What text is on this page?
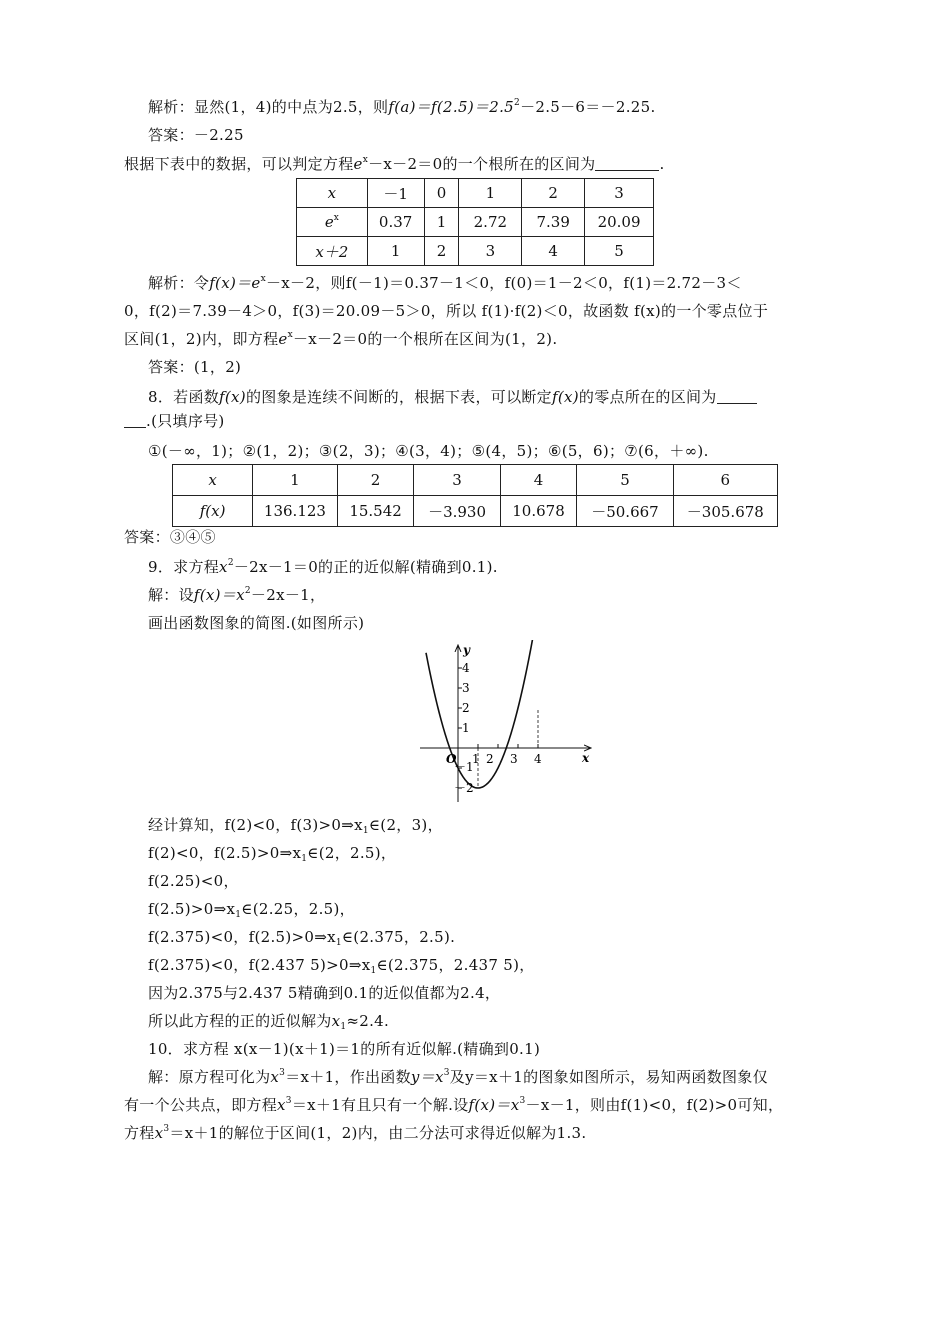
解析：显然(1，4)的中点为2.5，则$f(a)=f(2.5)=2.5^2-2.5-6=-2.25$.
答案：－2.25
根据下表中的数据，可以判定方程$e^x-x-2=0$的一个根所在的区间为	.
x	－1	0	1	2	3
$e^x$	0.37	1	2.72	7.39	20.09
x＋2	1	2	3	4	5
解析：令$f(x)=e^x-x-2$，则f(－1)＝0.37－1＜0，f(0)＝1－2＜0，f(1)＝2.72－3＜
0，f(2)＝7.39－4＞0，f(3)＝20.09－5＞0，所以 f(1)·f(2)＜0，故函数 f(x)的一个零点位于
区间(1，2)内，即方程$e^x-x-2=0$的一个根所在区间为(1，2).
答案：(1，2)
8．若函数f(x)的图象是连续不间断的，根据下表，可以断定f(x)的零点所在的区间为
.(只填序号)
①(－∞，1)；②(1，2)；③(2，3)；④(3，4)；⑤(4，5)；⑥(5，6)；⑦(6，＋∞).
x	1	2	3	4	5	6
f(x)	136.123	15.542	－3.930	10.678	－50.667	－305.678
答案：③④⑤
9．求方程$x^2-2x-1=0$的正的近似解(精确到0.1).
解：设$f(x)=x^2-2x-1$，
画出函数图象的简图.(如图所示)
y
x
O
4
3
2
1
－1
－2
1 2 3 4
经计算知，f(2)<0，$f(3)>0\Rightarrow x_1\in(2$，3)，
f(2)<0，$f(2.5)>0\Rightarrow x_1\in(2$，2.5)，
f(2.25)<0，
$f(2.5)>0\Rightarrow x_1\in(2.25$，2.5)，
f(2.375)<0，$f(2.5)>0\Rightarrow x_1\in(2.375$，2.5).
f(2.375)<0，f(2.437 $5)>0\Rightarrow x_1\in(2.375$，2.437 5)，
因为2.375与2.437 5精确到0.1的近似值都为2.4，
所以此方程的正的近似解为$x_1\approx 2.4$.
10．求方程 x(x－1)(x＋1)＝1的所有近似解.(精确到0.1)
解：原方程可化为$x^3=x+1$，作出函数$y=x^3$及y＝x＋1的图象如图所示，易知两函数图象仅
有一个公共点，即方程$x^3=x+1$有且只有一个解.设$f(x)=x^3-x-1$，则由f(1)<0，f(2)>0可知，
方程$x^3=x+1$的解位于区间(1，2)内，由二分法可求得近似解为1.3.
